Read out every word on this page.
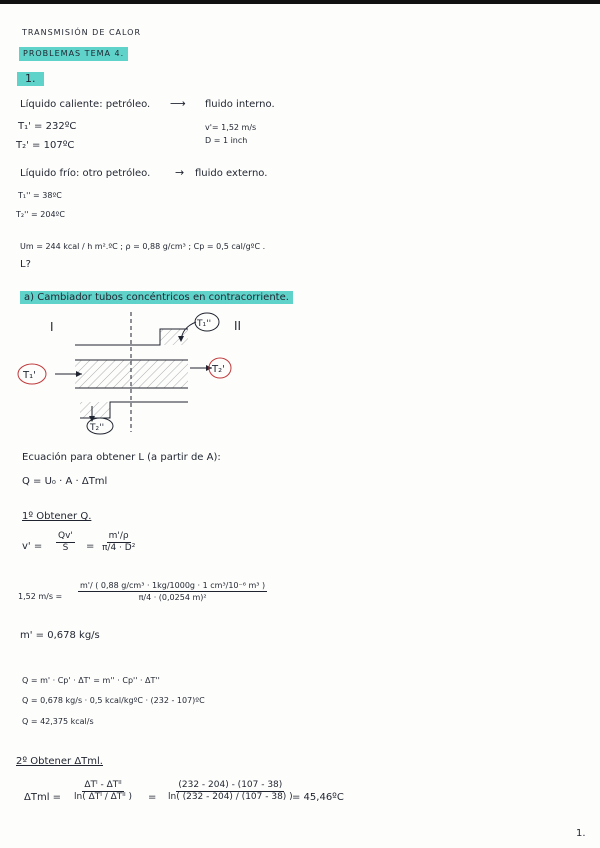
TRANSMISIÓN DE CALOR
PROBLEMAS TEMA 4.
1.
Líquido caliente: petróleo. ⟶ fluido interno.
T₁' = 232ºC	v'= 1,52 m/s
D = 1 inch
T₂' = 107ºC
Líquido frío: otro petróleo. → fluido externo.
T₁'' = 38ºC
T₂'' = 204ºC
Um = 244 kcal / h m².ºC ; ρ = 0,88 g/cm³ ; Cp = 0,5 cal/gºC .
L?
a) Cambiador tubos concéntricos en contracorriente.
I	II
T₁'
T₂'
T₁''
T₂''
Ecuación para obtener L (a partir de A):
Q = U₀ · A · ΔTml
1º Obtener Q.
$v' = \frac{Qv'}{S} = \frac{m'/\rho}{\text{π/4 · D²}}$
1,52 $m/s = \frac{\text{m'/ ( 0,88 g/cm³ · 1kg/1000g · 1 cm³/10⁻⁶ m³ )}}{\text{π/4 · (0,0254 m)²}}$
m' = 0,678 kg/s
Q = m' · Cp' · ΔT' = m'' · Cp'' · ΔT''
Q = 0,678 kg/s · 0,5 kcal/kgºC · (232 - 107)ºC
Q = 42,375 kcal/s
2º Obtener ΔTml.
ΔTml =
ΔTᴵ - ΔTᴵᴵ
ln( ΔTᴵ / ΔTᴵᴵ ) = $\frac{(232 - 204) - (107 - 38)}{\ln( (232 - 204) / (107 - 38) )}$
= 45,46ºC
1.
